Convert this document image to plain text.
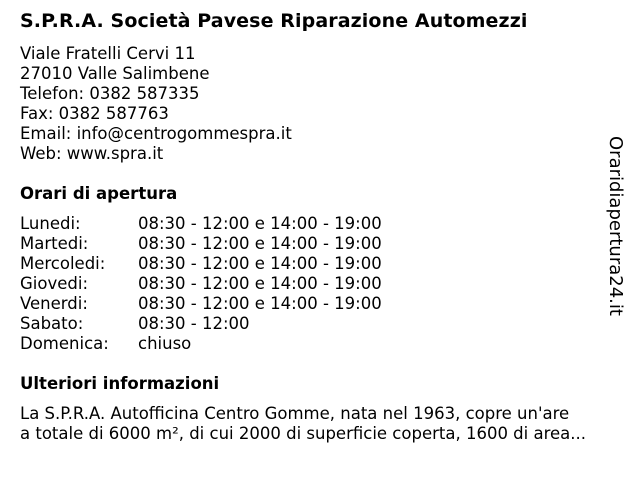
S.P.R.A. Società Pavese Riparazione Automezzi
Viale Fratelli Cervi 11
27010 Valle Salimbene
Telefon: 0382 587335
Fax: 0382 587763
Email: info@centrogommespra.it
Web: www.spra.it
Orari di apertura
Lunedi:	08:30 - 12:00 e 14:00 - 19:00
Martedi:	08:30 - 12:00 e 14:00 - 19:00
Mercoledi: 08:30 - 12:00 e 14:00 - 19:00
Giovedi:	08:30 - 12:00 e 14:00 - 19:00
Venerdi:	08:30 - 12:00 e 14:00 - 19:00
Sabato:	08:30 - 12:00
Domenica: chiuso
Ulteriori informazioni
La S.P.R.A. Autofficina Centro Gomme, nata nel 1963, copre un'are
a totale di 6000 m², di cui 2000 di superficie coperta, 1600 di area...
Oraridiapertura24.it
